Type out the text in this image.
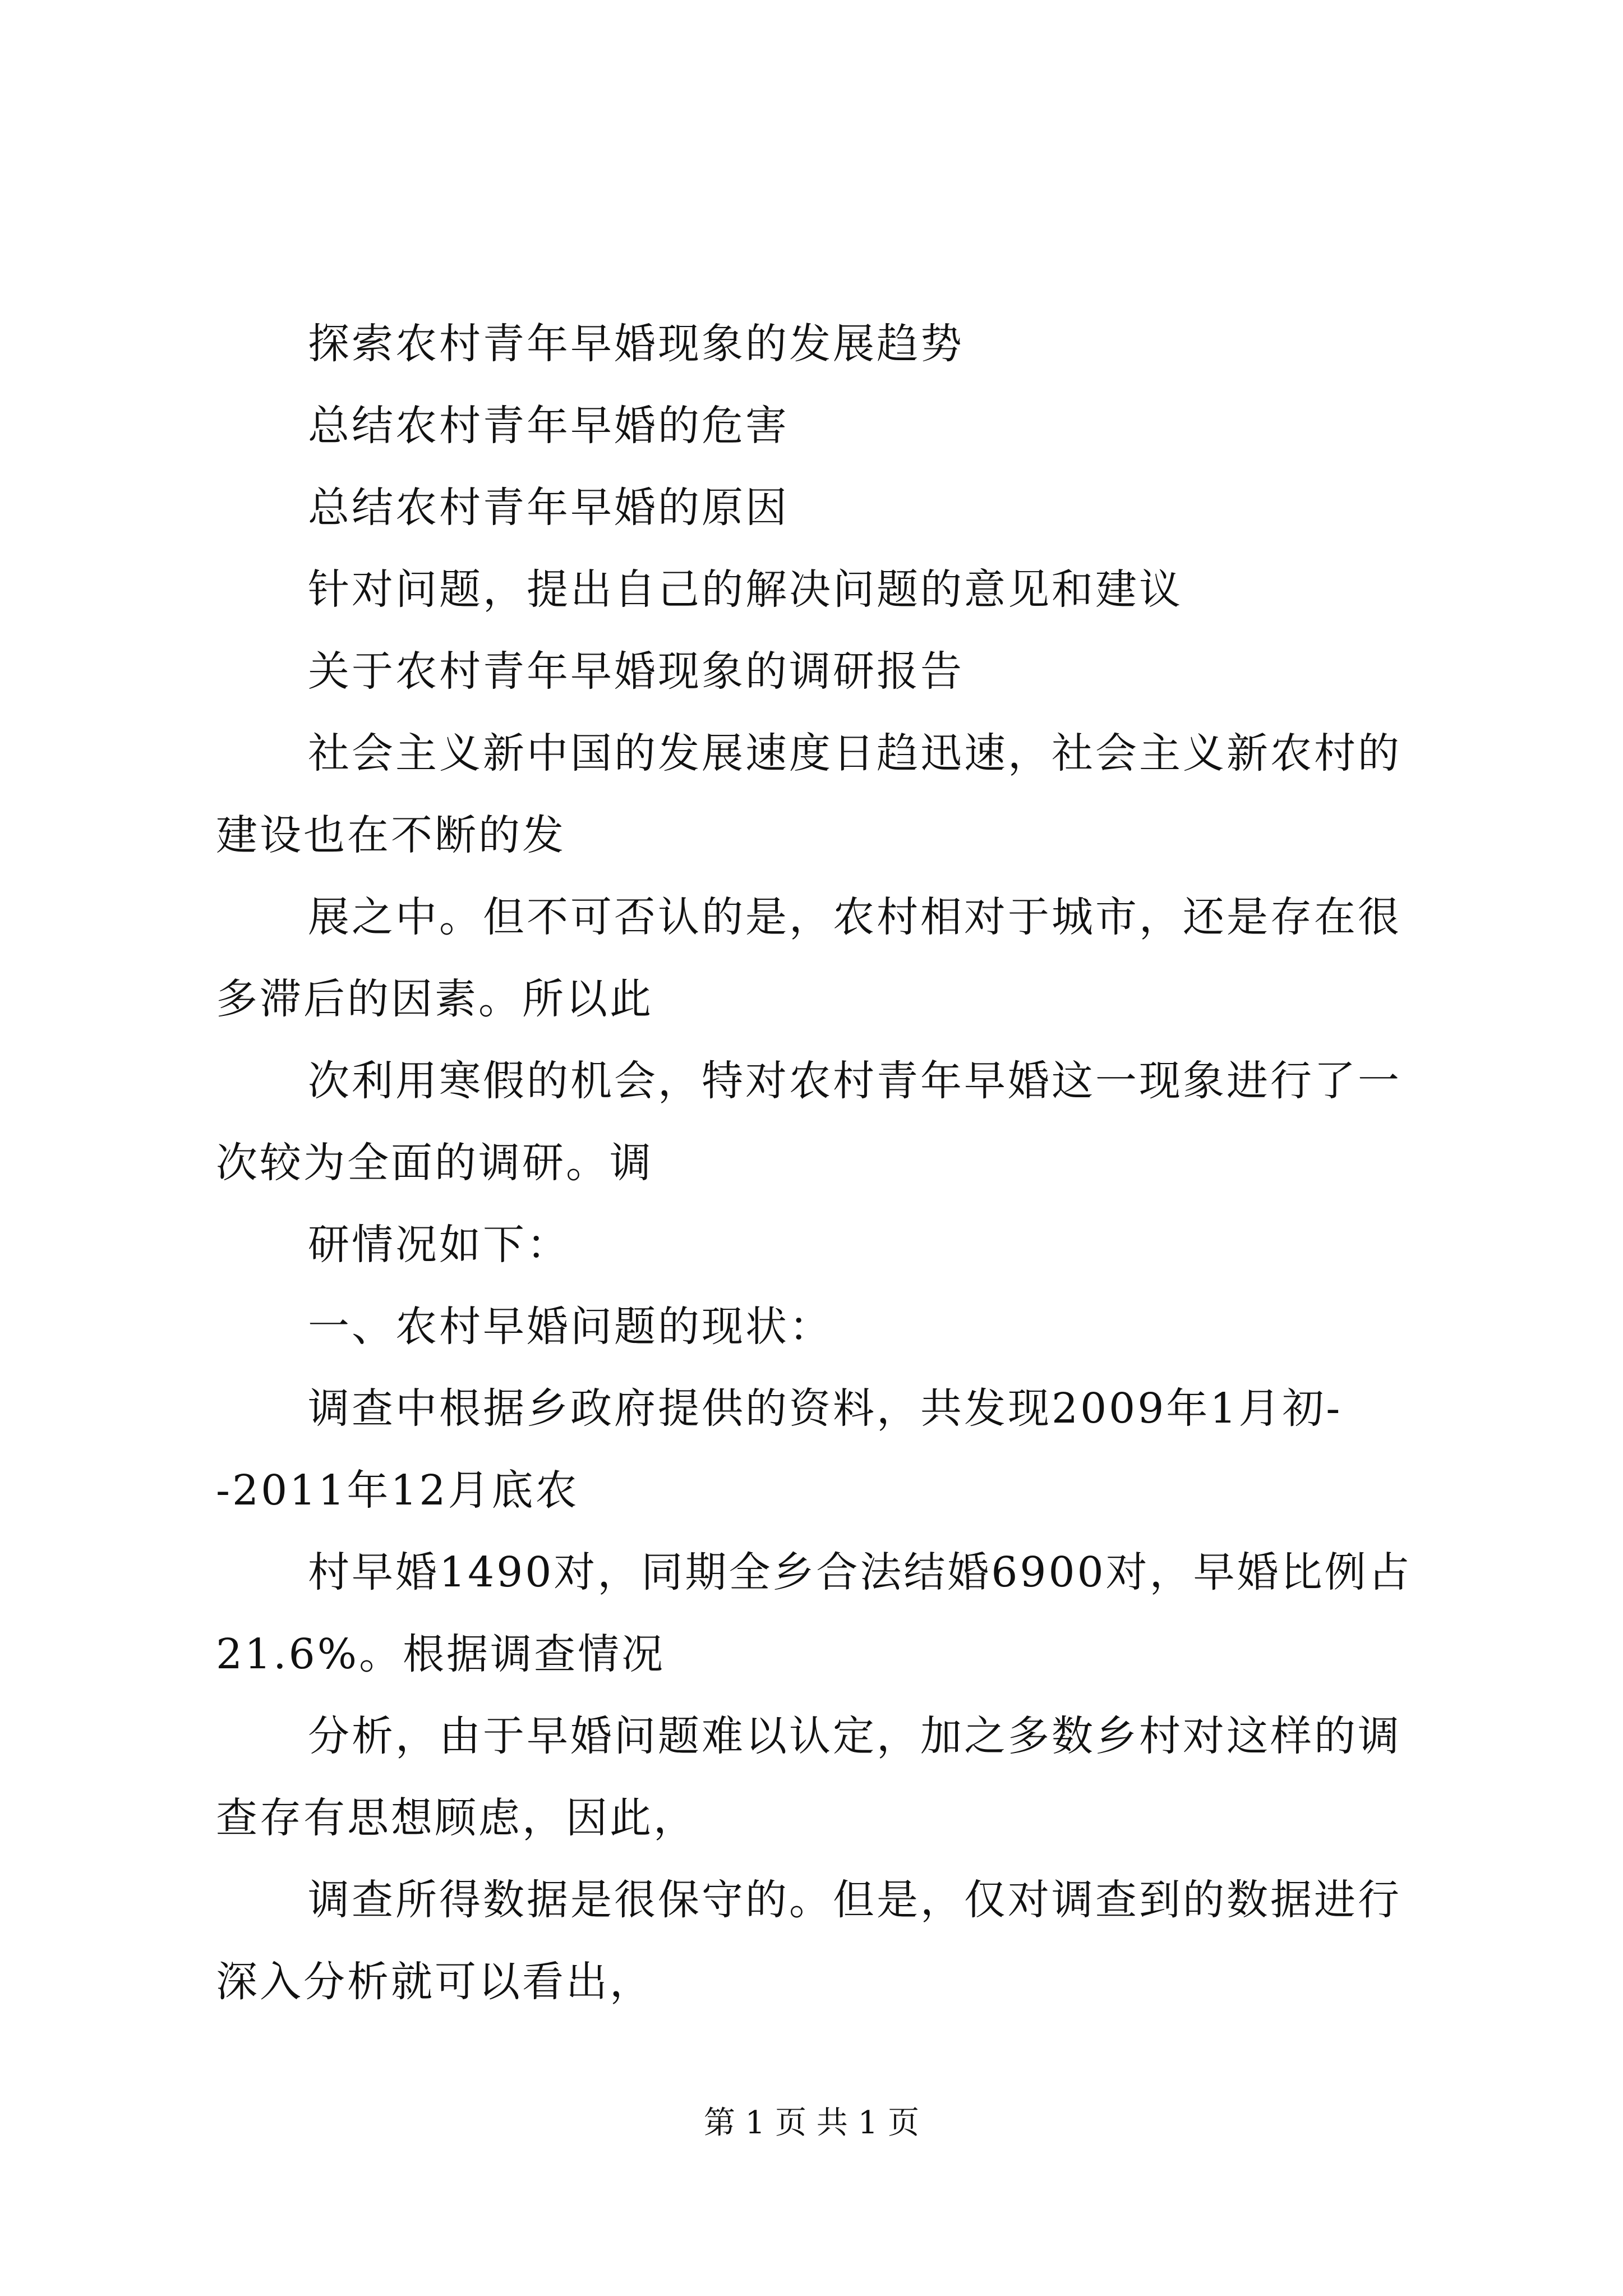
探索农村青年早婚现象的发展趋势

总结农村青年早婚的危害

总结农村青年早婚的原因

针对问题，提出自己的解决问题的意见和建议

关于农村青年早婚现象的调研报告

社会主义新中国的发展速度日趋迅速，社会主义新农村的建设也在不断的发

展之中。但不可否认的是，农村相对于城市，还是存在很多滞后的因素。所以此

次利用寒假的机会，特对农村青年早婚这一现象进行了一次较为全面的调研。调

研情况如下：

一、农村早婚问题的现状：

调查中根据乡政府提供的资料，共发现2009年1月初--2011年12月底农

村早婚1490对，同期全乡合法结婚6900对，早婚比例占21.6%。根据调查情况

分析，由于早婚问题难以认定，加之多数乡村对这样的调查存有思想顾虑，因此，

调查所得数据是很保守的。但是，仅对调查到的数据进行深入分析就可以看出，

第 1 页 共 1 页
